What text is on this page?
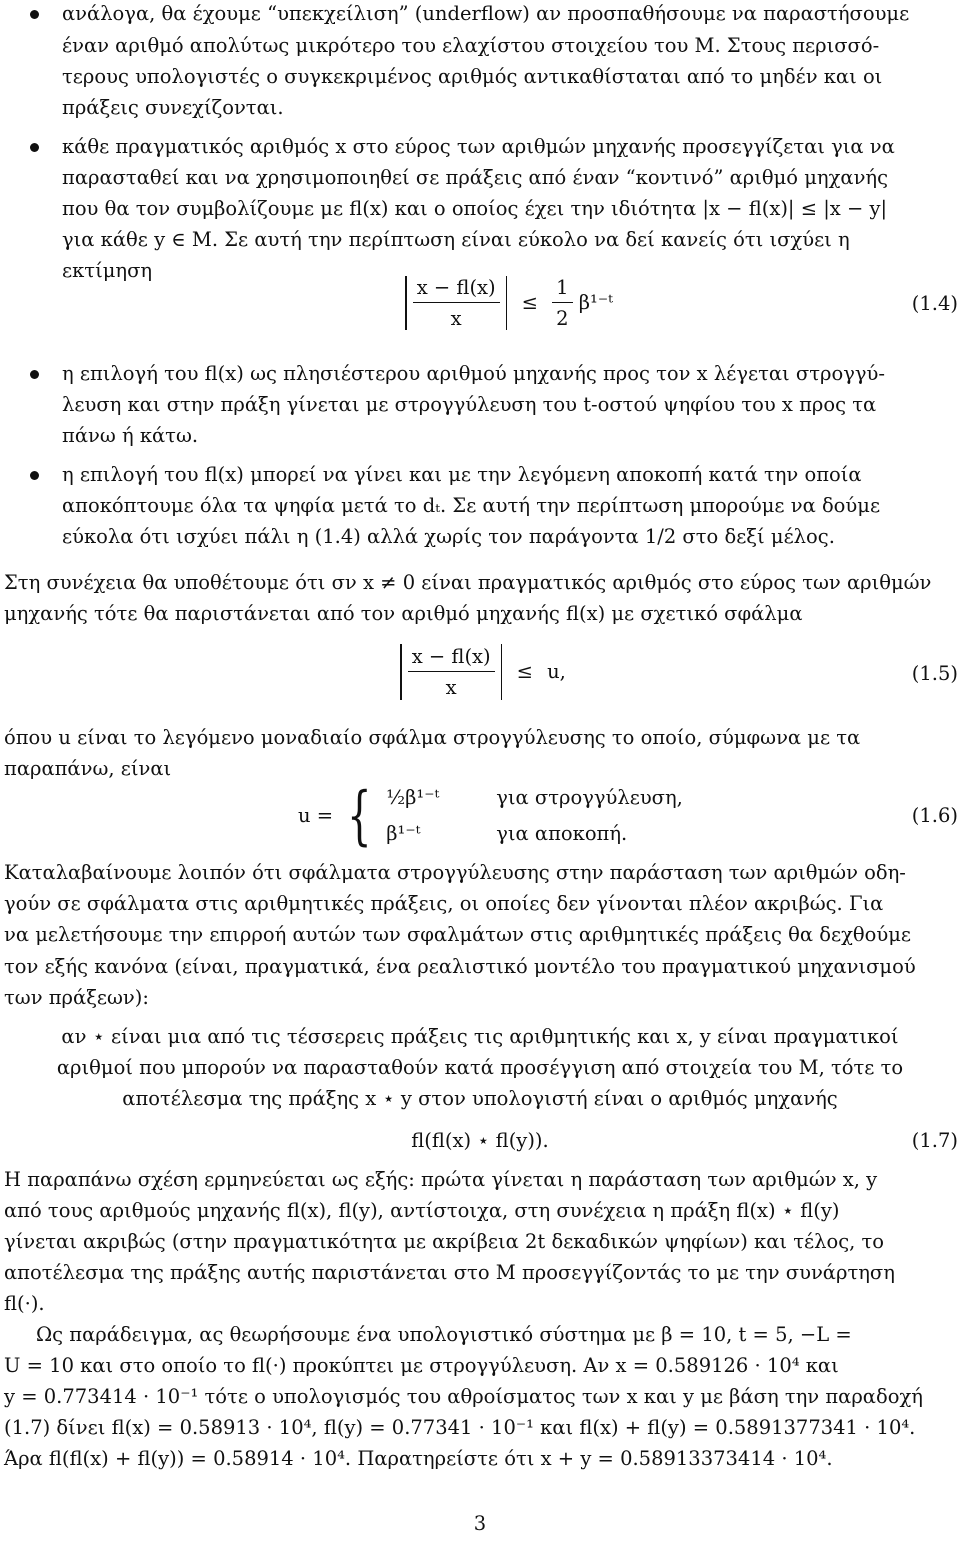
ανάλογα, θα έχουμε “υπεκχείλιση” (underflow) αν προσπαθήσουμε να παραστήσουμε
έναν αριθμό απολύτως μικρότερο του ελαχίστου στοιχείου του M. Στους περισσό-
τερους υπολογιστές ο συγκεκριμένος αριθμός αντικαθίσταται από το μηδέν και οι
πράξεις συνεχίζονται.
κάθε πραγματικός αριθμός x στο εύρος των αριθμών μηχανής προσεγγίζεται για να
παρασταθεί και να χρησιμοποιηθεί σε πράξεις από έναν “κοντινό” αριθμό μηχανής
που θα τον συμβολίζουμε με fl(x) και ο οποίος έχει την ιδιότητα |x − fl(x)| ≤ |x − y|
για κάθε y ∈ M. Σε αυτή την περίπτωση είναι εύκολο να δεί κανείς ότι ισχύει η
εκτίμηση

$\frac{x - fl(x)}{x} \le \frac{1}{2}$ β¹⁻ᵗ	(1.4)
η επιλογή του fl(x) ως πλησιέστερου αριθμού μηχανής προς τον x λέγεται στρογγύ-
λευση και στην πράξη γίνεται με στρογγύλευση του t-οστού ψηφίου του x προς τα
πάνω ή κάτω.
η επιλογή του fl(x) μπορεί να γίνει και με την λεγόμενη αποκοπή κατά την οποία
αποκόπτουμε όλα τα ψηφία μετά το dₜ. Σε αυτή την περίπτωση μπορούμε να δούμε
εύκολα ότι ισχύει πάλι η (1.4) αλλά χωρίς τον παράγοντα 1/2 στο δεξί μέλος.
Στη συνέχεια θα υποθέτουμε ότι σν x ≠ 0 είναι πραγματικός αριθμός στο εύρος των αριθμών
μηχανής τότε θα παριστάνεται από τον αριθμό μηχανής fl(x) με σχετικό σφάλμα

$\frac{x - fl(x)}{x} \le u$,	(1.5)
όπου u είναι το λεγόμενο μοναδιαίο σφάλμα στρογγύλευσης το οποίο, σύμφωνα με τα
παραπάνω, είναι
u = { ½β¹⁻ᵗ	για στρογγύλευση,
β¹⁻ᵗ	για αποκοπή.
(1.6)
Καταλαβαίνουμε λοιπόν ότι σφάλματα στρογγύλευσης στην παράσταση των αριθμών οδη-
γούν σε σφάλματα στις αριθμητικές πράξεις, οι οποίες δεν γίνονται πλέον ακριβώς. Για
να μελετήσουμε την επιρροή αυτών των σφαλμάτων στις αριθμητικές πράξεις θα δεχθούμε
τον εξής κανόνα (είναι, πραγματικά, ένα ρεαλιστικό μοντέλο του πραγματικού μηχανισμού
των πράξεων):
αν ⋆ είναι μια από τις τέσσερεις πράξεις τις αριθμητικής και x, y είναι πραγματικοί
αριθμοί που μπορούν να παρασταθούν κατά προσέγγιση από στοιχεία του M, τότε το
αποτέλεσμα της πράξης x ⋆ y στον υπολογιστή είναι ο αριθμός μηχανής
fl(fl(x) ⋆ fl(y)).	(1.7)
Η παραπάνω σχέση ερμηνεύεται ως εξής: πρώτα γίνεται η παράσταση των αριθμών x, y
από τους αριθμούς μηχανής fl(x), fl(y), αντίστοιχα, στη συνέχεια η πράξη fl(x) ⋆ fl(y)
γίνεται ακριβώς (στην πραγματικότητα με ακρίβεια 2t δεκαδικών ψηφίων) και τέλος, το
αποτέλεσμα της πράξης αυτής παριστάνεται στο M προσεγγίζοντάς το με την συνάρτηση
fl(·).
Ως παράδειγμα, ας θεωρήσουμε ένα υπολογιστικό σύστημα με β = 10, t = 5, −L =
U = 10 και στο οποίο το fl(·) προκύπτει με στρογγύλευση. Αν x = 0.589126 · 10⁴ και
y = 0.773414 · 10⁻¹ τότε ο υπολογισμός του αθροίσματος των x και y με βάση την παραδοχή
(1.7) δίνει fl(x) = 0.58913 · 10⁴, fl(y) = 0.77341 · 10⁻¹ και fl(x) + fl(y) = 0.5891377341 · 10⁴.
Άρα fl(fl(x) + fl(y)) = 0.58914 · 10⁴. Παρατηρείστε ότι x + y = 0.58913373414 · 10⁴.
3
